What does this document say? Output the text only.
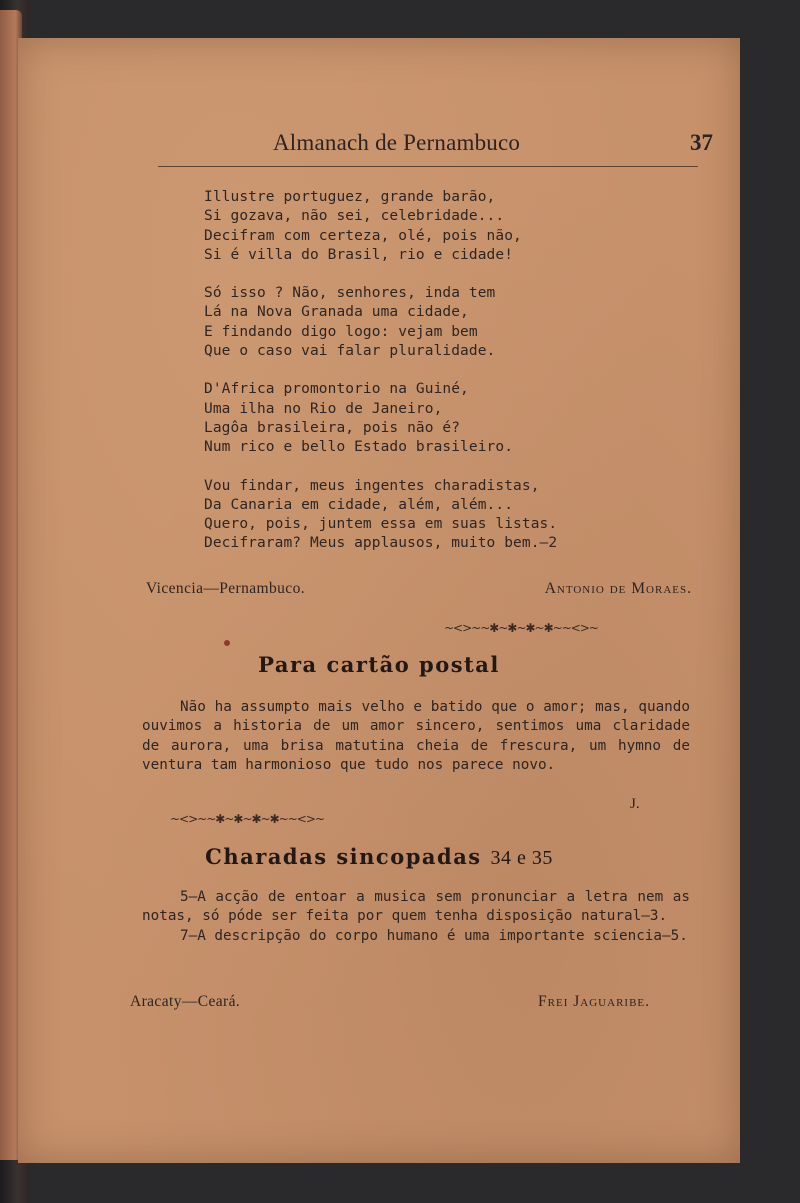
Almanach de Pernambuco	37
Illustre portuguez, grande barão,
Si gozava, não sei, celebridade...
Decifram com certeza, olé, pois não,
Si é villa do Brasil, rio e cidade!
Só isso ? Não, senhores, inda tem
Lá na Nova Granada uma cidade,
E findando digo logo: vejam bem
Que o caso vai falar pluralidade.
D'Africa promontorio na Guiné,
Uma ilha no Rio de Janeiro,
Lagôa brasileira, pois não é?
Num rico e bello Estado brasileiro.
Vou findar, meus ingentes charadistas,
Da Canaria em cidade, além, além...
Quero, pois, juntem essa em suas listas.
Decifraram? Meus applausos, muito bem.—2
Vicencia—Pernambuco.	Antonio de Moraes.
~<>~~✱~✱~✱~✱~~<>~
Para cartão postal

Não ha assumpto mais velho e batido que o amor; mas, quando ouvimos a historia de um amor sincero, sentimos uma claridade de aurora, uma brisa matutina cheia de frescura, um hymno de ventura tam harmonioso que tudo nos parece novo.

J.
~<>~~✱~✱~✱~✱~~<>~
Charadas sincopadas 34 e 35

5—A acção de entoar a musica sem pronunciar a letra nem as notas, só póde ser feita por quem tenha disposição natural—3.

7—A descripção do corpo humano é uma importante sciencia—5.

Aracaty—Ceará.	Frei Jaguaribe.
